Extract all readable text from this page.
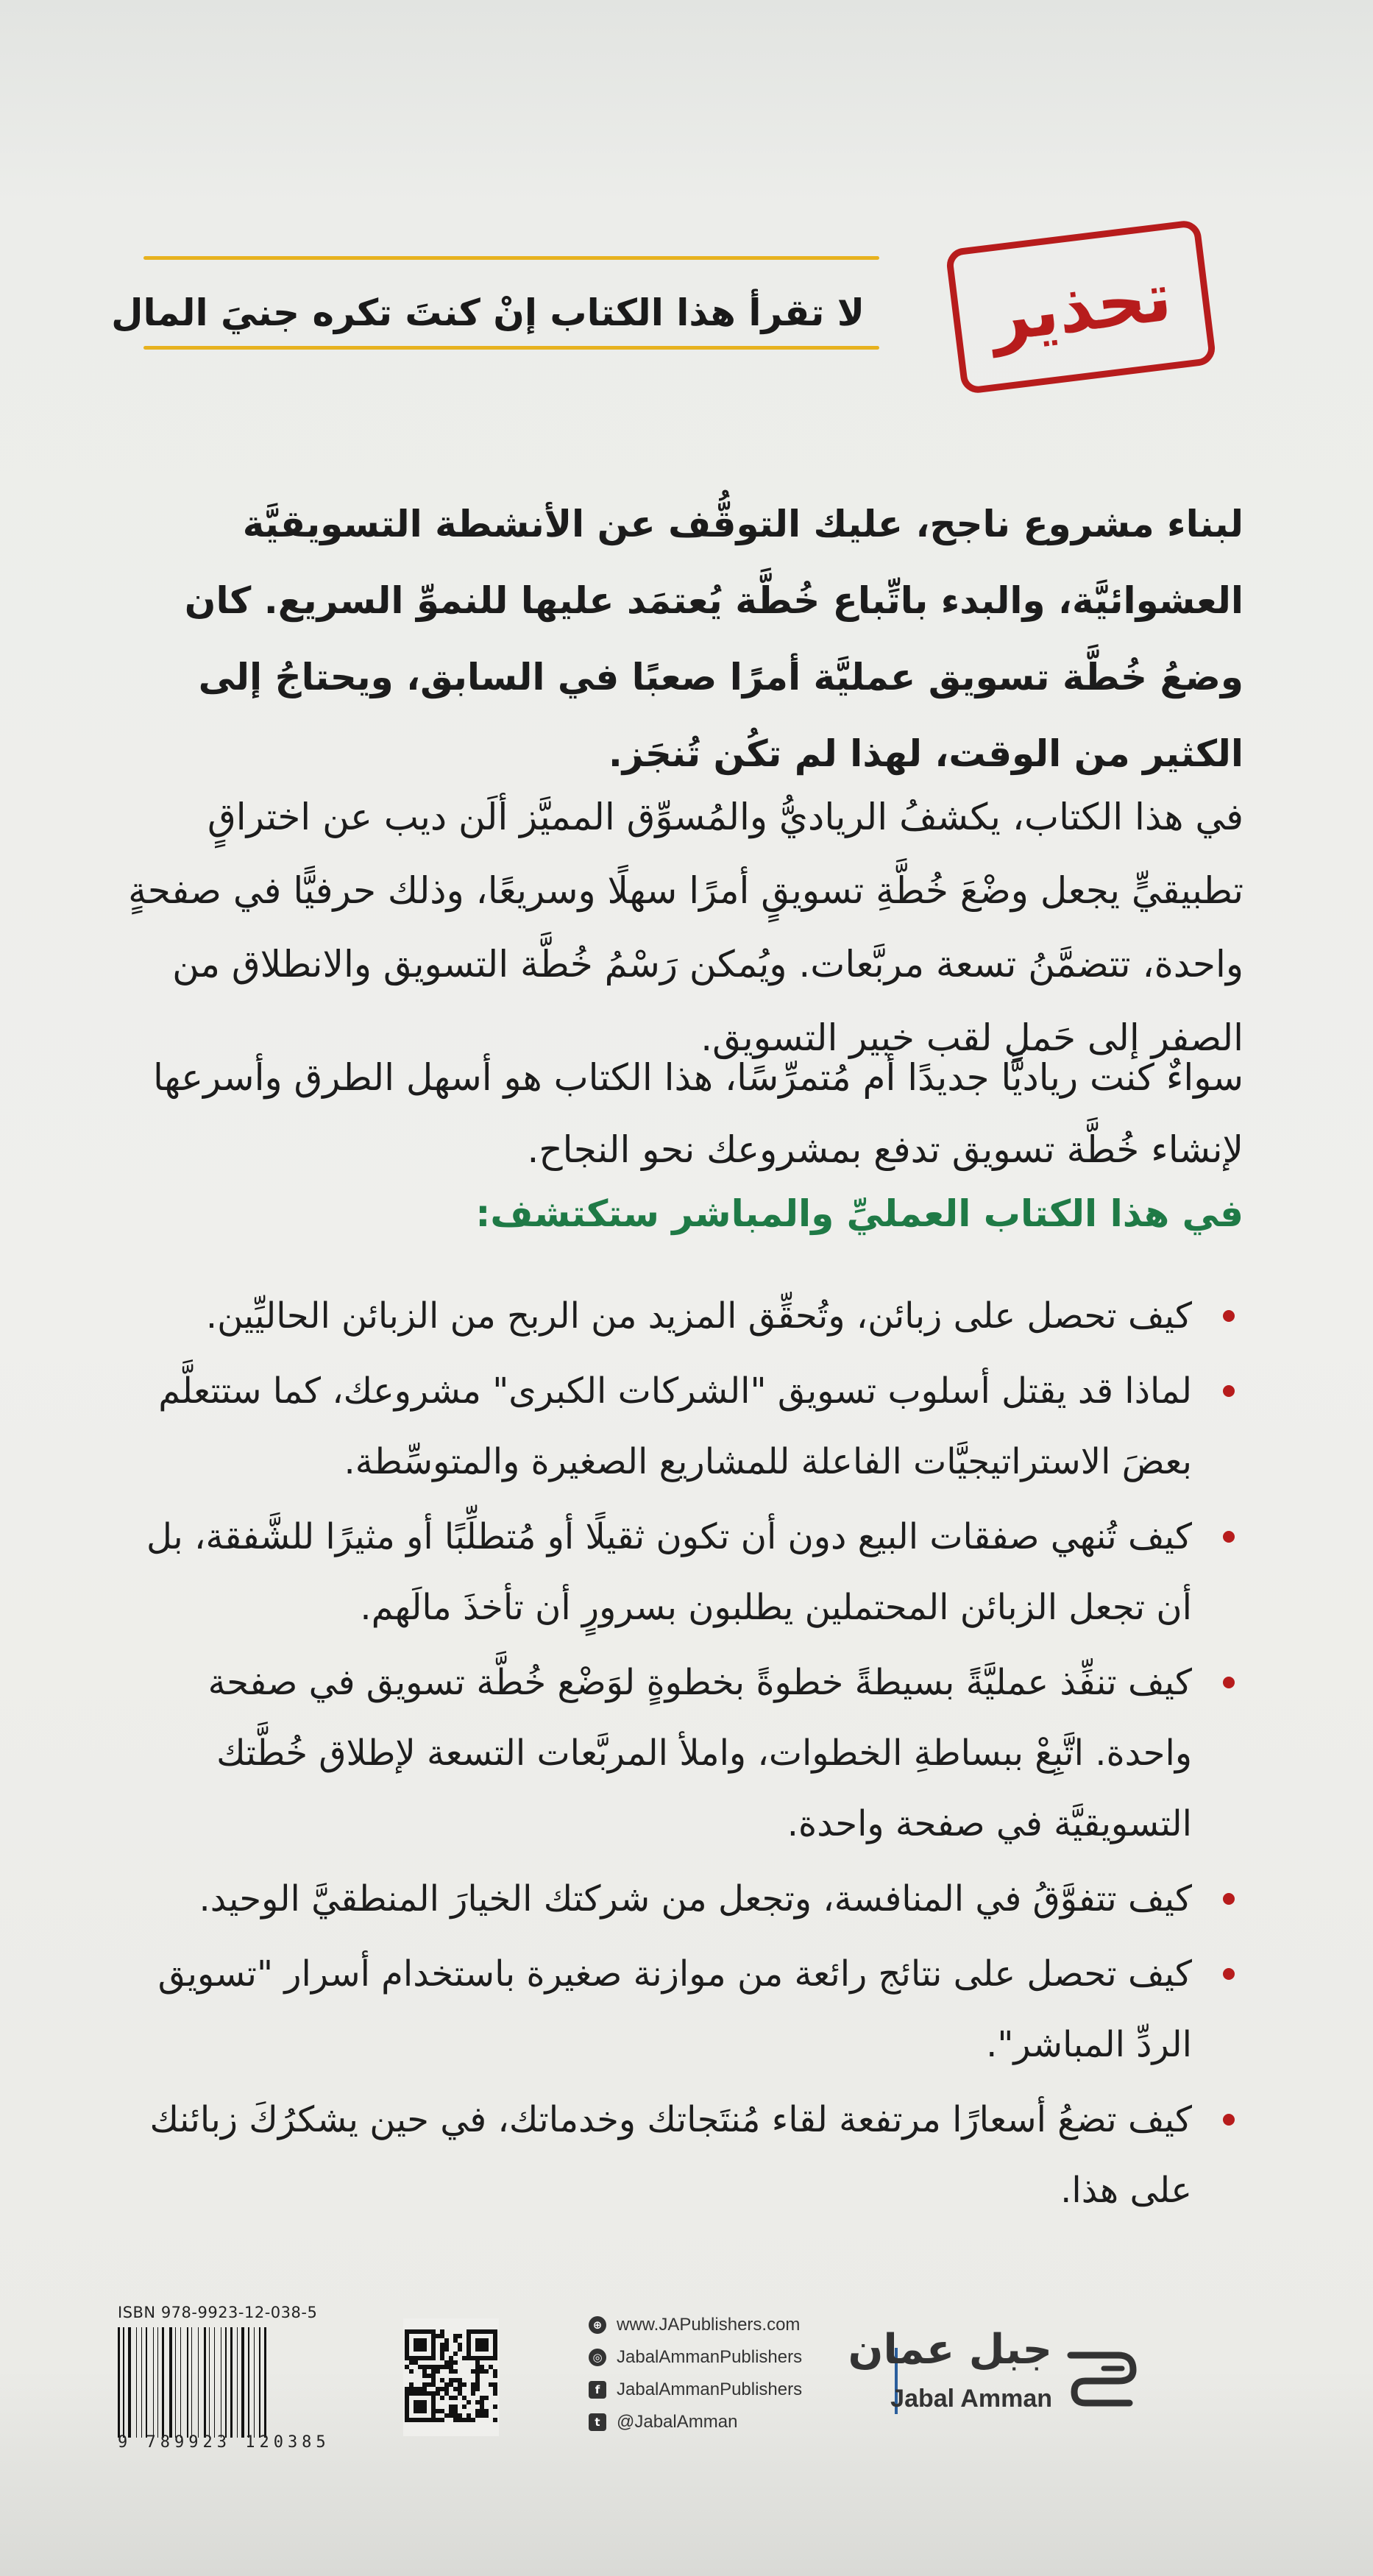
لا تقرأ هذا الكتاب إنْ كنتَ تكره جنيَ المال تحذير

لبناء مشروع ناجح، عليك التوقُّف عن الأنشطة التسويقيَّة العشوائيَّة، والبدء باتِّباع خُطَّة يُعتمَد عليها للنموِّ السريع. كان وضعُ خُطَّة تسويق عمليَّة أمرًا صعبًا في السابق، ويحتاجُ إلى الكثير من الوقت، لهذا لم تكُن تُنجَز.

في هذا الكتاب، يكشفُ الرياديُّ والمُسوِّق المميَّز ألَن ديب عن اختراقٍ تطبيقيٍّ يجعل وضْعَ خُطَّةِ تسويقٍ أمرًا سهلًا وسريعًا، وذلك حرفيًّا في صفحةٍ واحدة، تتضمَّنُ تسعة مربَّعات. ويُمكن رَسْمُ خُطَّة التسويق والانطلاق من الصفر إلى حَملِ لقب خبير التسويق.

سواءٌ كنت رياديًّا جديدًا أم مُتمرِّسًا، هذا الكتاب هو أسهل الطرق وأسرعها لإنشاء خُطَّة تسويق تدفع بمشروعك نحو النجاح.

في هذا الكتاب العمليِّ والمباشر ستكتشف:
كيف تحصل على زبائن، وتُحقِّق المزيد من الربح من الزبائن الحاليِّين.
لماذا قد يقتل أسلوب تسويق "الشركات الكبرى" مشروعك، كما ستتعلَّم بعضَ الاستراتيجيَّات الفاعلة للمشاريع الصغيرة والمتوسِّطة.
كيف تُنهي صفقات البيع دون أن تكون ثقيلًا أو مُتطلِّبًا أو مثيرًا للشَّفقة، بل أن تجعل الزبائن المحتملين يطلبون بسرورٍ أن تأخذَ مالَهم.
كيف تنفِّذ عمليَّةً بسيطةً خطوةً بخطوةٍ لوَضْع خُطَّة تسويق في صفحة واحدة. اتَّبِعْ ببساطةِ الخطوات، واملأ المربَّعات التسعة لإطلاق خُطَّتك التسويقيَّة في صفحة واحدة.
كيف تتفوَّقُ في المنافسة، وتجعل من شركتك الخيارَ المنطقيَّ الوحيد.
كيف تحصل على نتائج رائعة من موازنة صغيرة باستخدام أسرار "تسويق الردِّ المباشر".
كيف تضعُ أسعارًا مرتفعة لقاء مُنتَجاتك وخدماتك، في حين يشكرُكَ زبائنك على هذا.
ISBN 978-9923-12-038-5
9 789923 120385
⊕ www.JAPublishers.com
◎ JabalAmmanPublishers
f JabalAmmanPublishers
t @JabalAmman
جبل عمان
Jabal Amman
